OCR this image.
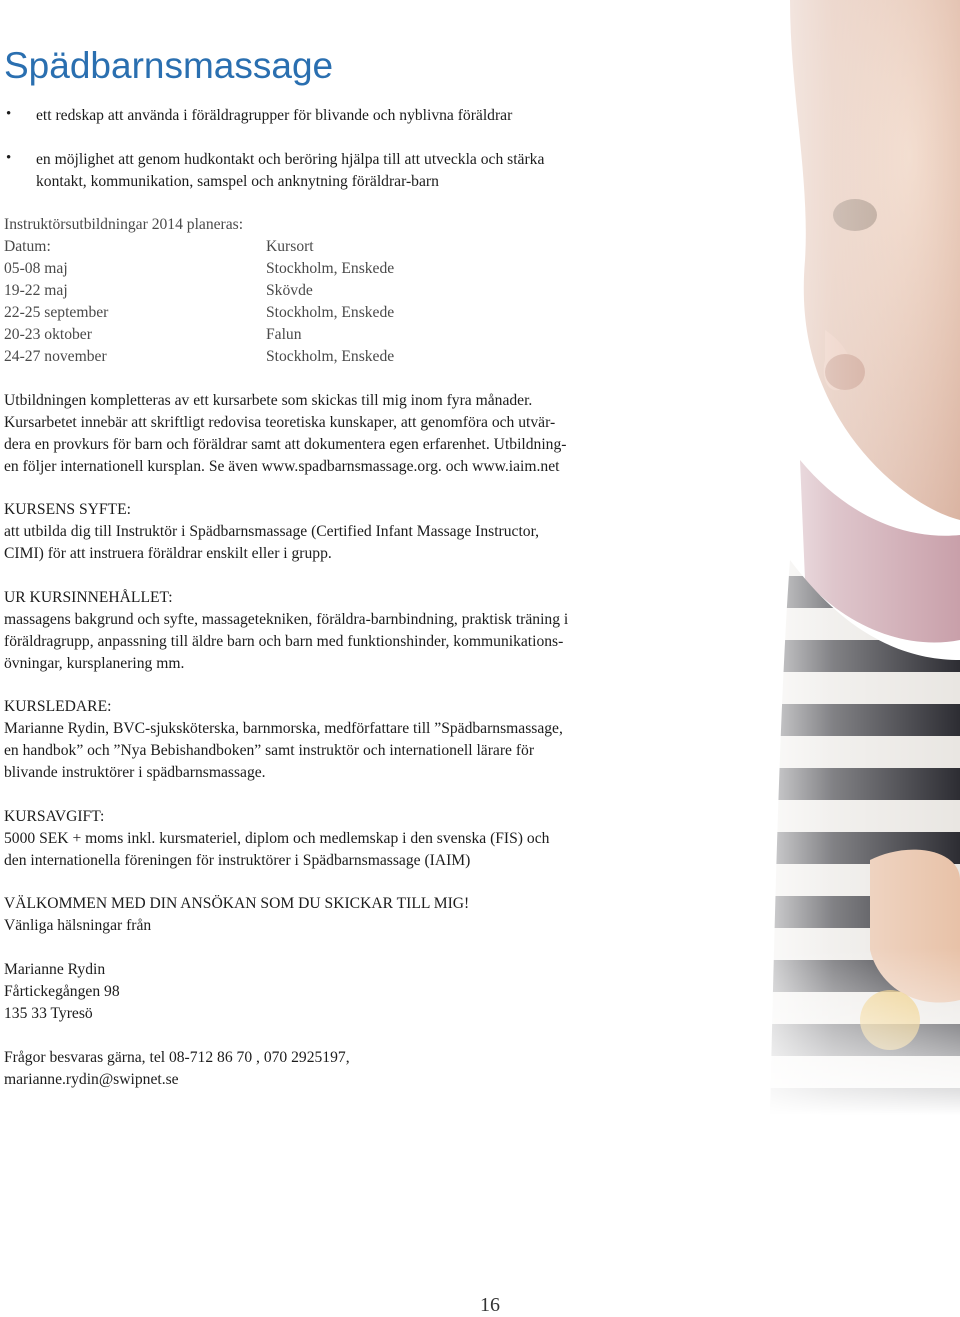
Spädbarnsmassage
• ett redskap att använda i föräldragrupper för blivande och nyblivna föräldrar

• en möjlighet att genom hudkontakt och beröring hjälpa till att utveckla och stärka

kontakt, kommunikation, samspel och anknytning föräldrar-barn

Instruktörsutbildningar 2014 planeras:

Datum:	Kursort

05-08 maj	Stockholm, Enskede

19-22 maj	Skövde

22-25 september	Stockholm, Enskede

20-23 oktober	Falun

24-27 november	Stockholm, Enskede

Utbildningen kompletteras av ett kursarbete som skickas till mig inom fyra månader.

Kursarbetet innebär att skriftligt redovisa teoretiska kunskaper, att genomföra och utvär-

dera en provkurs för barn och föräldrar samt att dokumentera egen erfarenhet. Utbildning-

en följer internationell kursplan. Se även www.spadbarnsmassage.org. och www.iaim.net

KURSENS SYFTE:

att utbilda dig till Instruktör i Spädbarnsmassage (Certified Infant Massage Instructor,

CIMI) för att instruera föräldrar enskilt eller i grupp.

UR KURSINNEHÅLLET:

massagens bakgrund och syfte, massagetekniken, föräldra-barnbindning, praktisk träning i

föräldragrupp, anpassning till äldre barn och barn med funktionshinder, kommunikations-

övningar, kursplanering mm.

KURSLEDARE:

Marianne Rydin, BVC-sjuksköterska, barnmorska, medförfattare till ”Spädbarnsmassage,

en handbok” och ”Nya Bebishandboken” samt instruktör och internationell lärare för

blivande instruktörer i spädbarnsmassage.

KURSAVGIFT:

5000 SEK + moms inkl. kursmateriel, diplom och medlemskap i den svenska (FIS) och

den internationella föreningen för instruktörer i Spädbarnsmassage (IAIM)

VÄLKOMMEN MED DIN ANSÖKAN SOM DU SKICKAR TILL MIG!

Vänliga hälsningar från

Marianne Rydin

Fårtickegången 98

135 33 Tyresö

Frågor besvaras gärna, tel 08-712 86 70 , 070 2925197,

marianne.rydin@swipnet.se

16
